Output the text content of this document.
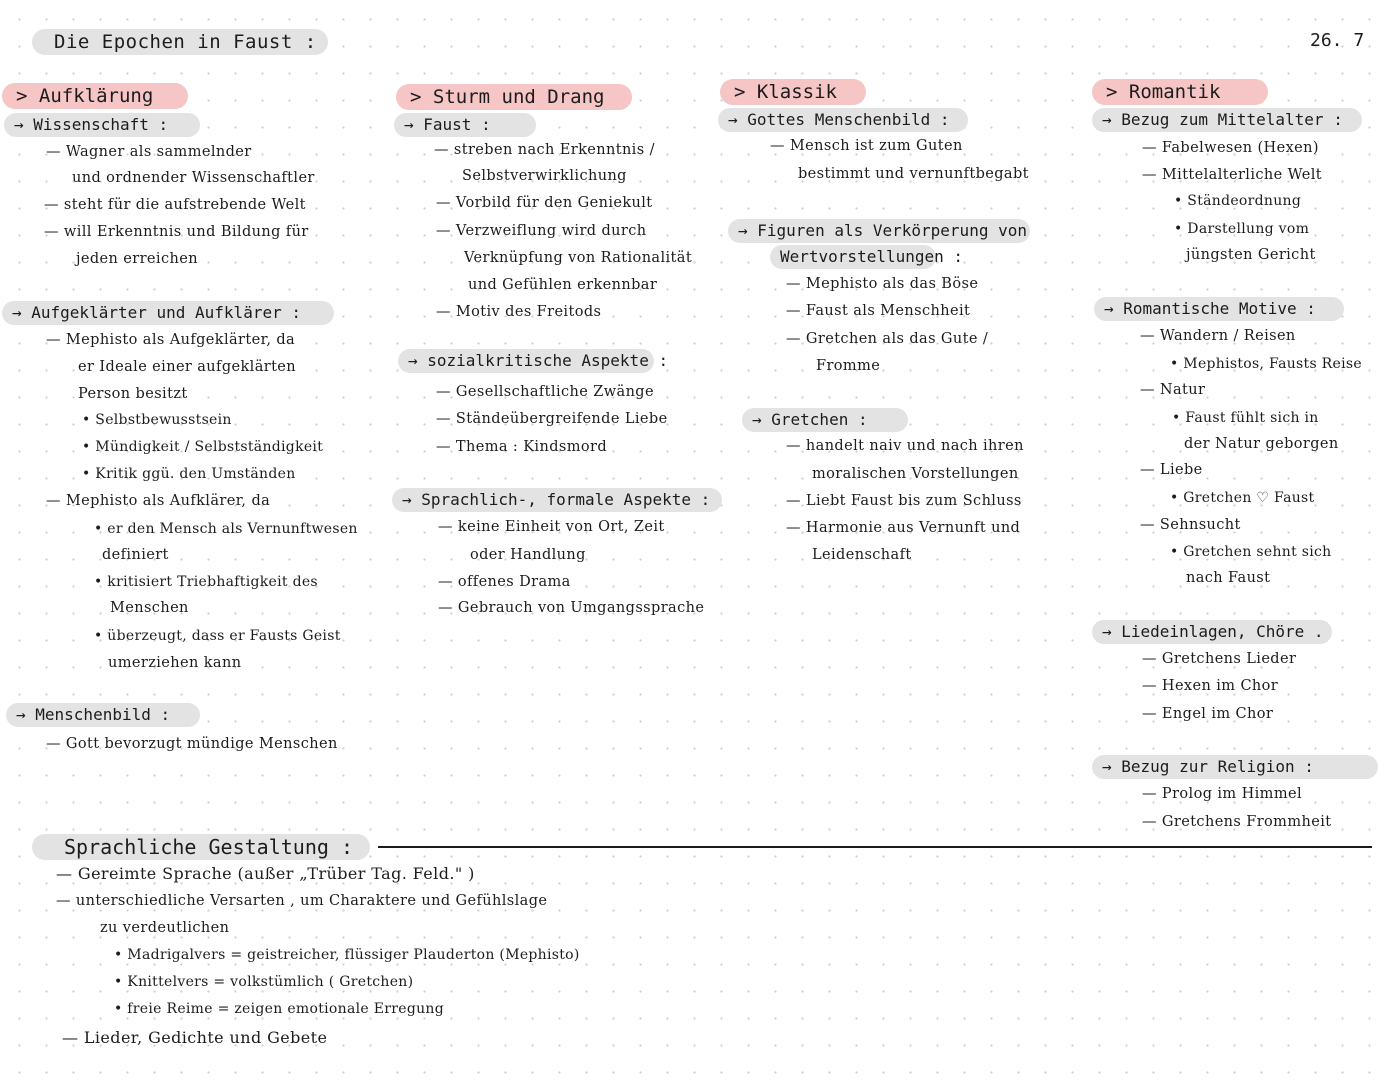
Die Epochen in Faust :	26. 7
> Aufklärung
→ Wissenschaft :
— Wagner als sammelnder
und ordnender Wissenschaftler
— steht für die aufstrebende Welt
— will Erkenntnis und Bildung für
jeden erreichen
→ Aufgeklärter und Aufklärer :
— Mephisto als Aufgeklärter, da
er Ideale einer aufgeklärten
Person besitzt
• Selbstbewusstsein
• Mündigkeit / Selbstständigkeit
• Kritik ggü. den Umständen
— Mephisto als Aufklärer, da
• er den Mensch als Vernunftwesen
definiert
• kritisiert Triebhaftigkeit des
Menschen
• überzeugt, dass er Fausts Geist
umerziehen kann
→ Menschenbild :
— Gott bevorzugt mündige Menschen
> Sturm und Drang
→ Faust :
— streben nach Erkenntnis /
Selbstverwirklichung
— Vorbild für den Geniekult
— Verzweiflung wird durch
Verknüpfung von Rationalität
und Gefühlen erkennbar
— Motiv des Freitods
→ sozialkritische Aspekte :
— Gesellschaftliche Zwänge
— Ständeübergreifende Liebe
— Thema : Kindsmord
→ Sprachlich-, formale Aspekte :
— keine Einheit von Ort, Zeit
oder Handlung
— offenes Drama
— Gebrauch von Umgangssprache
> Klassik
→ Gottes Menschenbild :
— Mensch ist zum Guten
bestimmt und vernunftbegabt
→ Figuren als Verkörperung von
Wertvorstellungen :
— Mephisto als das Böse
— Faust als Menschheit
— Gretchen als das Gute /
Fromme
→ Gretchen :
— handelt naiv und nach ihren
moralischen Vorstellungen
— Liebt Faust bis zum Schluss
— Harmonie aus Vernunft und
Leidenschaft
> Romantik
→ Bezug zum Mittelalter :
— Fabelwesen (Hexen)
— Mittelalterliche Welt
• Ständeordnung
• Darstellung vom
jüngsten Gericht
→ Romantische Motive :
— Wandern / Reisen
• Mephistos, Fausts Reise
— Natur
• Faust fühlt sich in
der Natur geborgen
— Liebe
• Gretchen ♡ Faust
— Sehnsucht
• Gretchen sehnt sich
nach Faust
→ Liedeinlagen, Chöre .
— Gretchens Lieder
— Hexen im Chor
— Engel im Chor
→ Bezug zur Religion :
— Prolog im Himmel
— Gretchens Frommheit
Sprachliche Gestaltung :
— Gereimte Sprache (außer „Trüber Tag. Feld." )
— unterschiedliche Versarten , um Charaktere und Gefühlslage
zu verdeutlichen
• Madrigalvers = geistreicher, flüssiger Plauderton (Mephisto)
• Knittelvers = volkstümlich ( Gretchen)
• freie Reime = zeigen emotionale Erregung
— Lieder, Gedichte und Gebete
